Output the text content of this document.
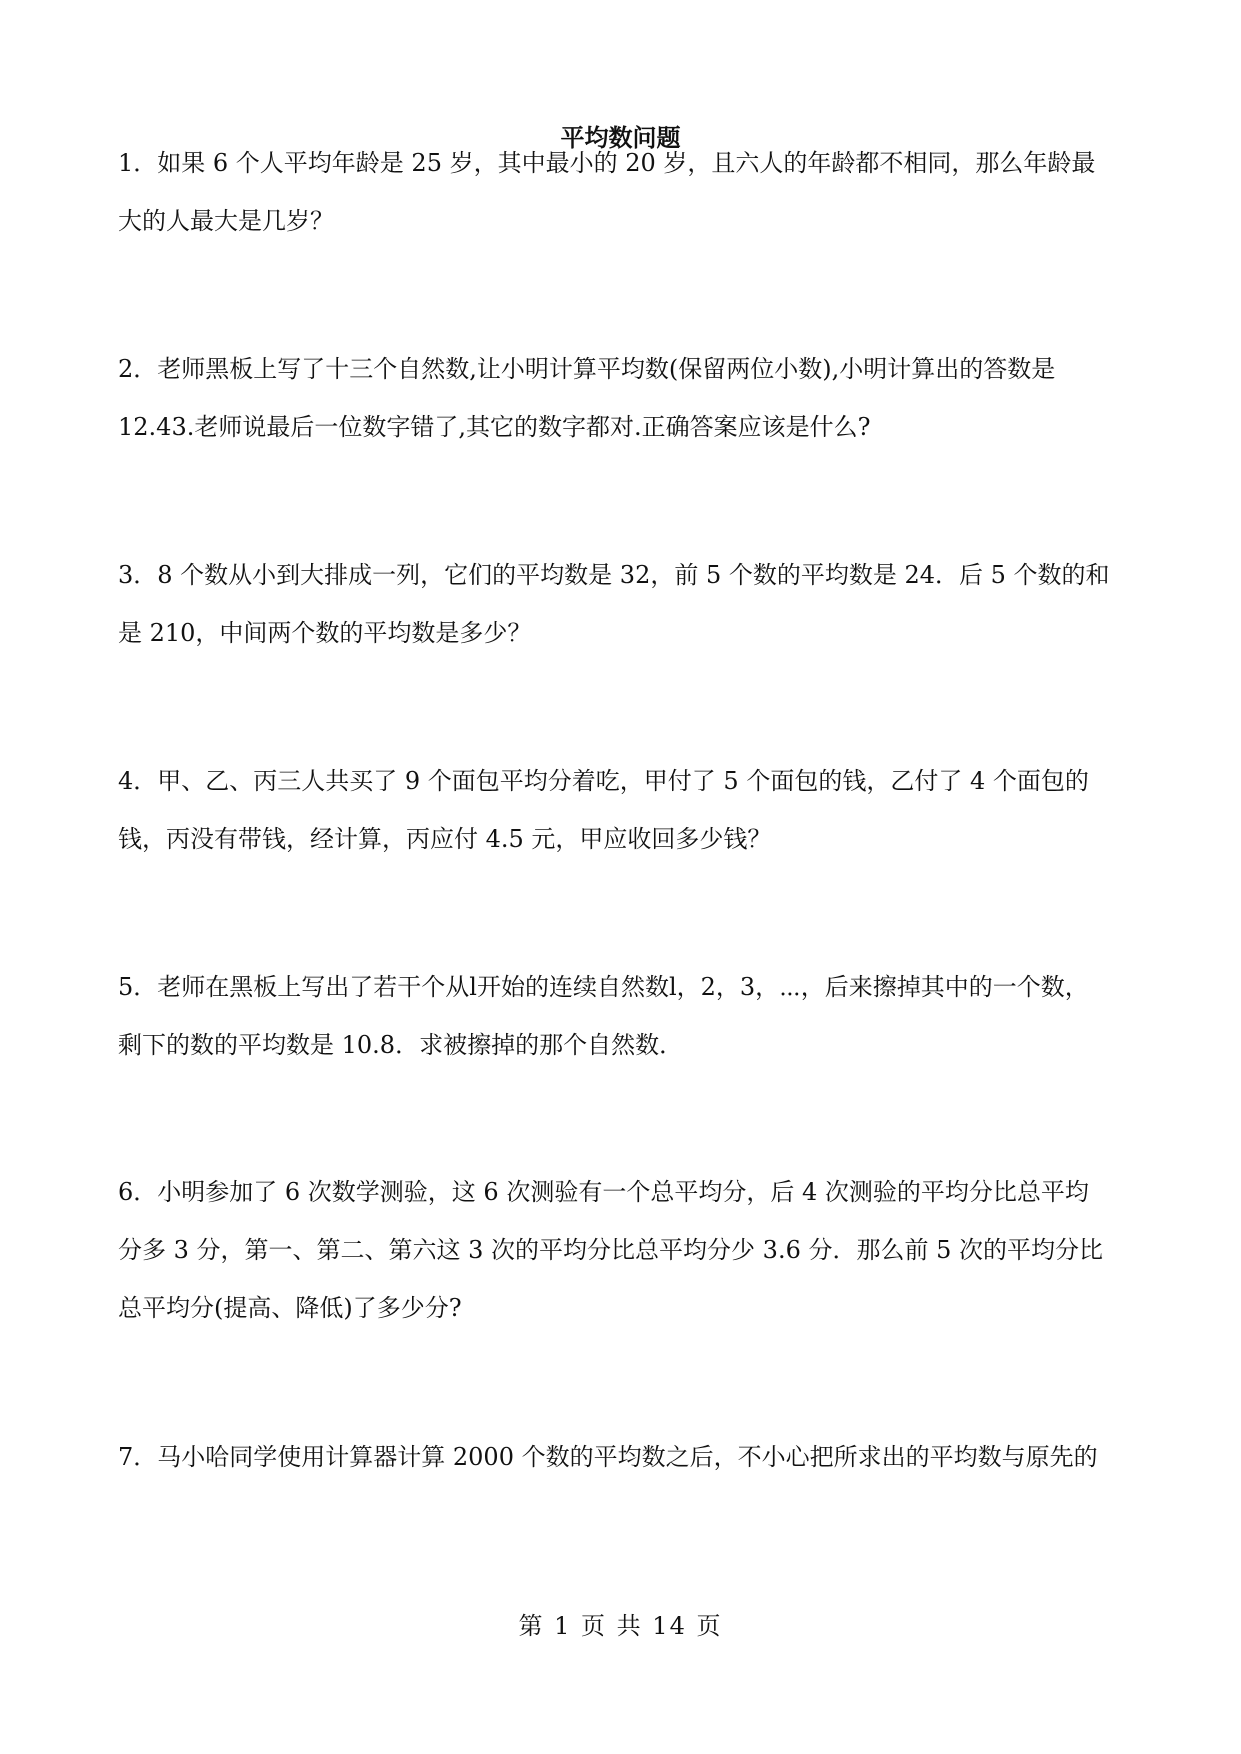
平均数问题
1．如果 6 个人平均年龄是 25 岁，其中最小的 20 岁，且六人的年龄都不相同，那么年龄最
大的人最大是几岁？
2．老师黑板上写了十三个自然数,让小明计算平均数(保留两位小数),小明计算出的答数是
12.43.老师说最后一位数字错了,其它的数字都对.正确答案应该是什么?
3．8 个数从小到大排成一列，它们的平均数是 32，前 5 个数的平均数是 24．后 5 个数的和
是 210，中间两个数的平均数是多少？
4．甲、乙、丙三人共买了 9 个面包平均分着吃，甲付了 5 个面包的钱，乙付了 4 个面包的
钱，丙没有带钱，经计算，丙应付 4.5 元，甲应收回多少钱？
5．老师在黑板上写出了若干个从l开始的连续自然数l，2，3，⋯，后来擦掉其中的一个数，
剩下的数的平均数是 10.8．求被擦掉的那个自然数．
6．小明参加了 6 次数学测验，这 6 次测验有一个总平均分，后 4 次测验的平均分比总平均
分多 3 分，第一、第二、第六这 3 次的平均分比总平均分少 3.6 分．那么前 5 次的平均分比
总平均分(提高、降低)了多少分?
7．马小哈同学使用计算器计算 2000 个数的平均数之后，不小心把所求出的平均数与原先的
第 1 页 共 14 页
